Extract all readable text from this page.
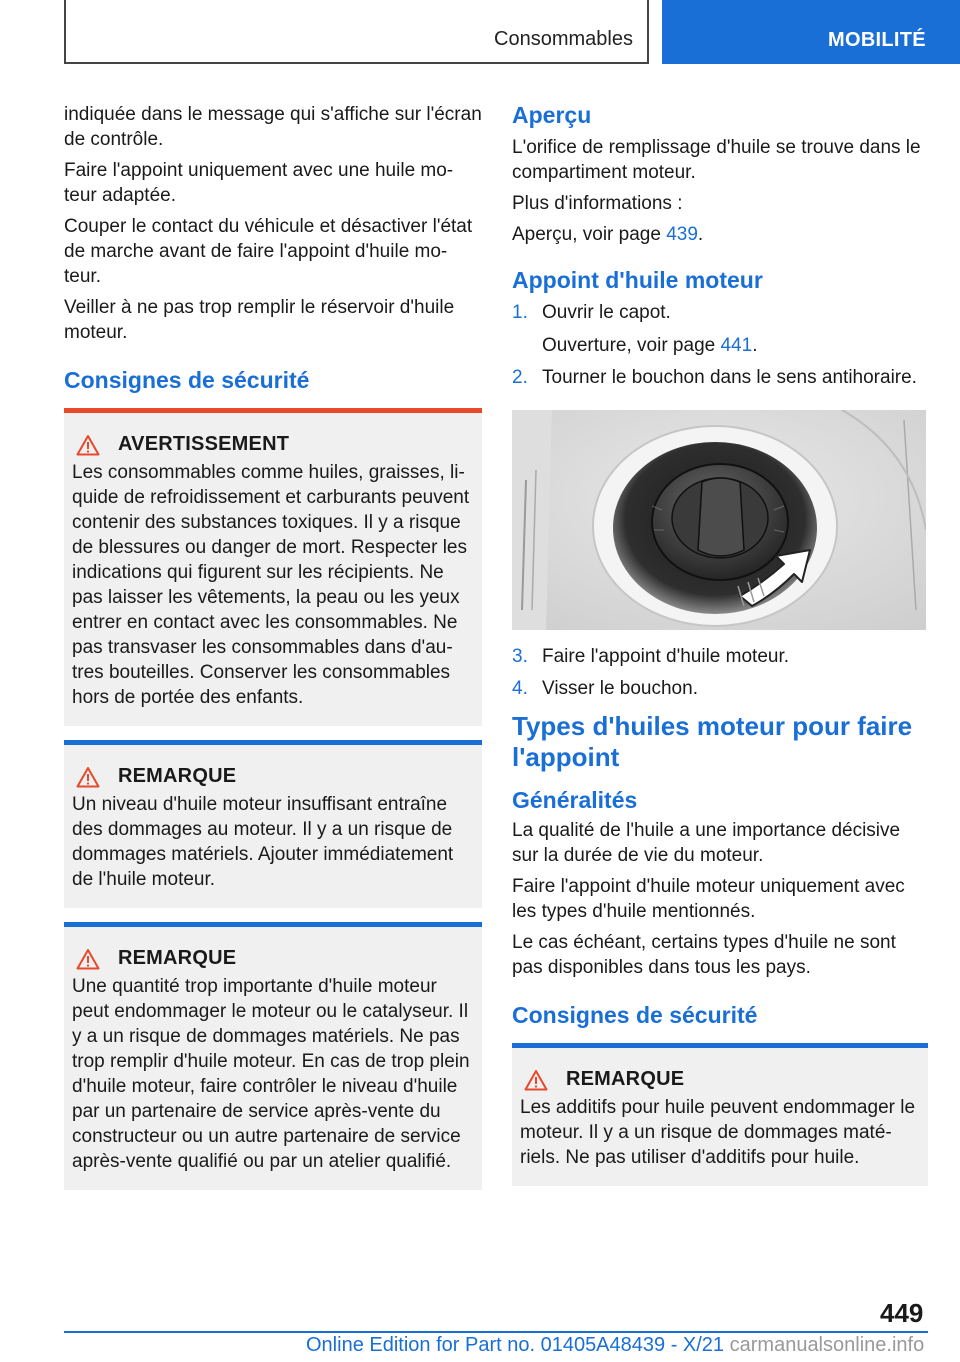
Consommables	MOBILITÉ

indiquée dans le message qui s'affiche sur l'écran de contrôle.

Faire l'appoint uniquement avec une huile mo-teur adaptée.

Couper le contact du véhicule et désactiver l'état de marche avant de faire l'appoint d'huile mo-teur.

Veiller à ne pas trop remplir le réservoir d'huile moteur.

Consignes de sécurité
AVERTISSEMENT
Les consommables comme huiles, graisses, li-quide de refroidissement et carburants peuvent contenir des substances toxiques. Il y a risque de blessures ou danger de mort. Respecter les indications qui figurent sur les récipients. Ne pas laisser les vêtements, la peau ou les yeux entrer en contact avec les consommables. Ne pas transvaser les consommables dans d'au-tres bouteilles. Conserver les consommables hors de portée des enfants.
REMARQUE
Un niveau d'huile moteur insuffisant entraîne des dommages au moteur. Il y a un risque de dommages matériels. Ajouter immédiatement de l'huile moteur.
REMARQUE
Une quantité trop importante d'huile moteur peut endommager le moteur ou le catalyseur. Il y a un risque de dommages matériels. Ne pas trop remplir d'huile moteur. En cas de trop plein d'huile moteur, faire contrôler le niveau d'huile par un partenaire de service après-vente du constructeur ou un autre partenaire de service après-vente qualifié ou par un atelier qualifié.
Aperçu

L'orifice de remplissage d'huile se trouve dans le compartiment moteur.

Plus d'informations :

Aperçu, voir page 439.

Appoint d'huile moteur
1. Ouvrir le capot.
Ouverture, voir page 441.
2. Tourner le bouchon dans le sens antihoraire.
3. Faire l'appoint d'huile moteur.
4. Visser le bouchon.
Types d'huiles moteur pour faire l'appoint
Généralités

La qualité de l'huile a une importance décisive sur la durée de vie du moteur.

Faire l'appoint d'huile moteur uniquement avec les types d'huile mentionnés.

Le cas échéant, certains types d'huile ne sont pas disponibles dans tous les pays.

Consignes de sécurité
REMARQUE
Les additifs pour huile peuvent endommager le moteur. Il y a un risque de dommages maté-riels. Ne pas utiliser d'additifs pour huile.
449
Online Edition for Part no. 01405A48439 - X/21 carmanualsonline.info
